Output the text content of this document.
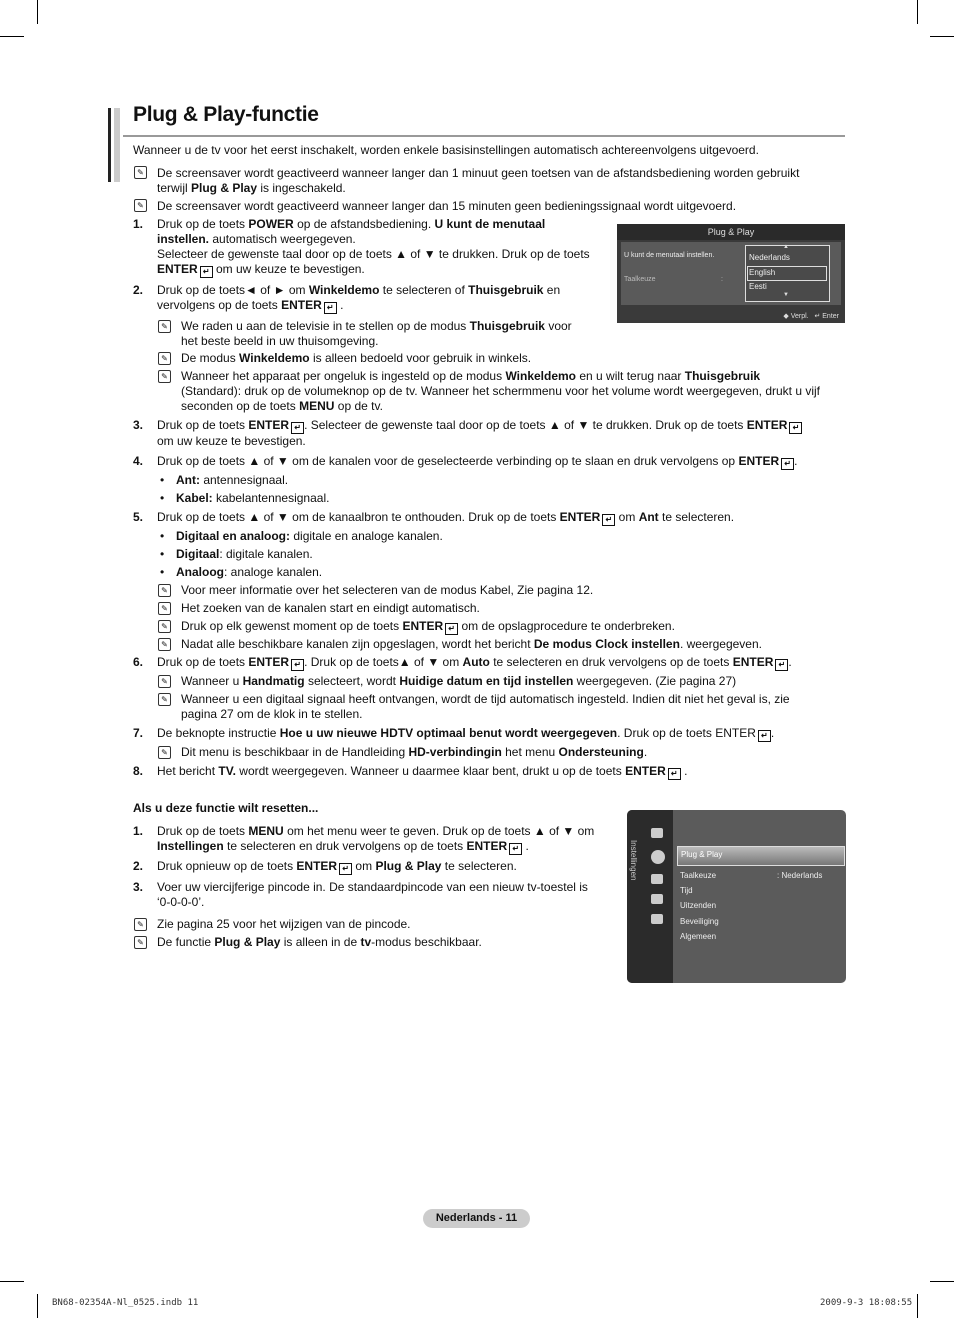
Plug & Play-functie
Wanneer u de tv voor het eerst inschakelt, worden enkele basisinstellingen automatisch achtereenvolgens uitgevoerd.
✎ De screensaver wordt geactiveerd wanneer langer dan 1 minuut geen toetsen van de afstandsbediening worden gebruikt
terwijl Plug & Play is ingeschakeld.
✎ De screensaver wordt geactiveerd wanneer langer dan 15 minuten geen bedieningssignaal wordt uitgevoerd.
1. Druk op de toets POWER op de afstandsbediening. U kunt de menutaal
instellen. automatisch weergegeven.
Selecteer de gewenste taal door op de toets ▲ of ▼ te drukken. Druk op de toets
ENTER ↵ om uw keuze te bevestigen.
Plug & Play
U kunt de menutaal instellen.
Taalkeuze	:
▲
Nederlands
English
Eesti
▼
◆ Verpl. ↵ Enter
2. Druk op de toets◄ of ► om Winkeldemo te selecteren of Thuisgebruik en
vervolgens op de toets ENTER ↵ .
✎ We raden u aan de televisie in te stellen op de modus Thuisgebruik voor
het beste beeld in uw thuisomgeving.
✎ De modus Winkeldemo is alleen bedoeld voor gebruik in winkels.
✎ Wanneer het apparaat per ongeluk is ingesteld op de modus Winkeldemo en u wilt terug naar Thuisgebruik
(Standard): druk op de volumeknop op de tv. Wanneer het schermmenu voor het volume wordt weergegeven, drukt u vijf
seconden op de toets MENU op de tv.
3. Druk op de toets ENTER ↵ . Selecteer de gewenste taal door op de toets ▲ of ▼ te drukken. Druk op de toets ENTER ↵
om uw keuze te bevestigen.
4. Druk op de toets ▲ of ▼ om de kanalen voor de geselecteerde verbinding op te slaan en druk vervolgens op ENTER ↵ .
• Ant: antennesignaal.
• Kabel: kabelantennesignaal.
5. Druk op de toets ▲ of ▼ om de kanaalbron te onthouden. Druk op de toets ENTER ↵ om Ant te selecteren.
• Digitaal en analoog: digitale en analoge kanalen.
• Digitaal: digitale kanalen.
• Analoog: analoge kanalen.
✎ Voor meer informatie over het selecteren van de modus Kabel, Zie pagina 12.
✎ Het zoeken van de kanalen start en eindigt automatisch.
✎ Druk op elk gewenst moment op de toets ENTER ↵ om de opslagprocedure te onderbreken.
✎ Nadat alle beschikbare kanalen zijn opgeslagen, wordt het bericht De modus Clock instellen. weergegeven.
6. Druk op de toets ENTER ↵ . Druk op de toets▲ of ▼ om Auto te selecteren en druk vervolgens op de toets ENTER ↵ .
✎ Wanneer u Handmatig selecteert, wordt Huidige datum en tijd instellen weergegeven. (Zie pagina 27)
✎ Wanneer u een digitaal signaal heeft ontvangen, wordt de tijd automatisch ingesteld. Indien dit niet het geval is, zie
pagina 27 om de klok in te stellen.
7. De beknopte instructie Hoe u uw nieuwe HDTV optimaal benut wordt weergegeven. Druk op de toets ENTER ↵ .
✎ Dit menu is beschikbaar in de Handleiding HD-verbindingin het menu Ondersteuning.
8. Het bericht TV. wordt weergegeven. Wanneer u daarmee klaar bent, drukt u op de toets ENTER ↵ .
Als u deze functie wilt resetten...
1. Druk op de toets MENU om het menu weer te geven. Druk op de toets ▲ of ▼ om
Instellingen te selecteren en druk vervolgens op de toets ENTER ↵ .
2. Druk opnieuw op de toets ENTER ↵ om Plug & Play te selecteren.
3. Voer uw viercijferige pincode in. De standaardpincode van een nieuw tv-toestel is
‘0-0-0-0’.
✎ Zie pagina 25 voor het wijzigen van de pincode.
✎ De functie Plug & Play is alleen in de tv-modus beschikbaar.
Instellingen	Plug & Play
Taalkeuze	: Nederlands
Tijd
Uitzenden
Beveiliging
Algemeen
Nederlands - 11
BN68-02354A-Nl_0525.indb 11	2009-9-3 18:08:55
